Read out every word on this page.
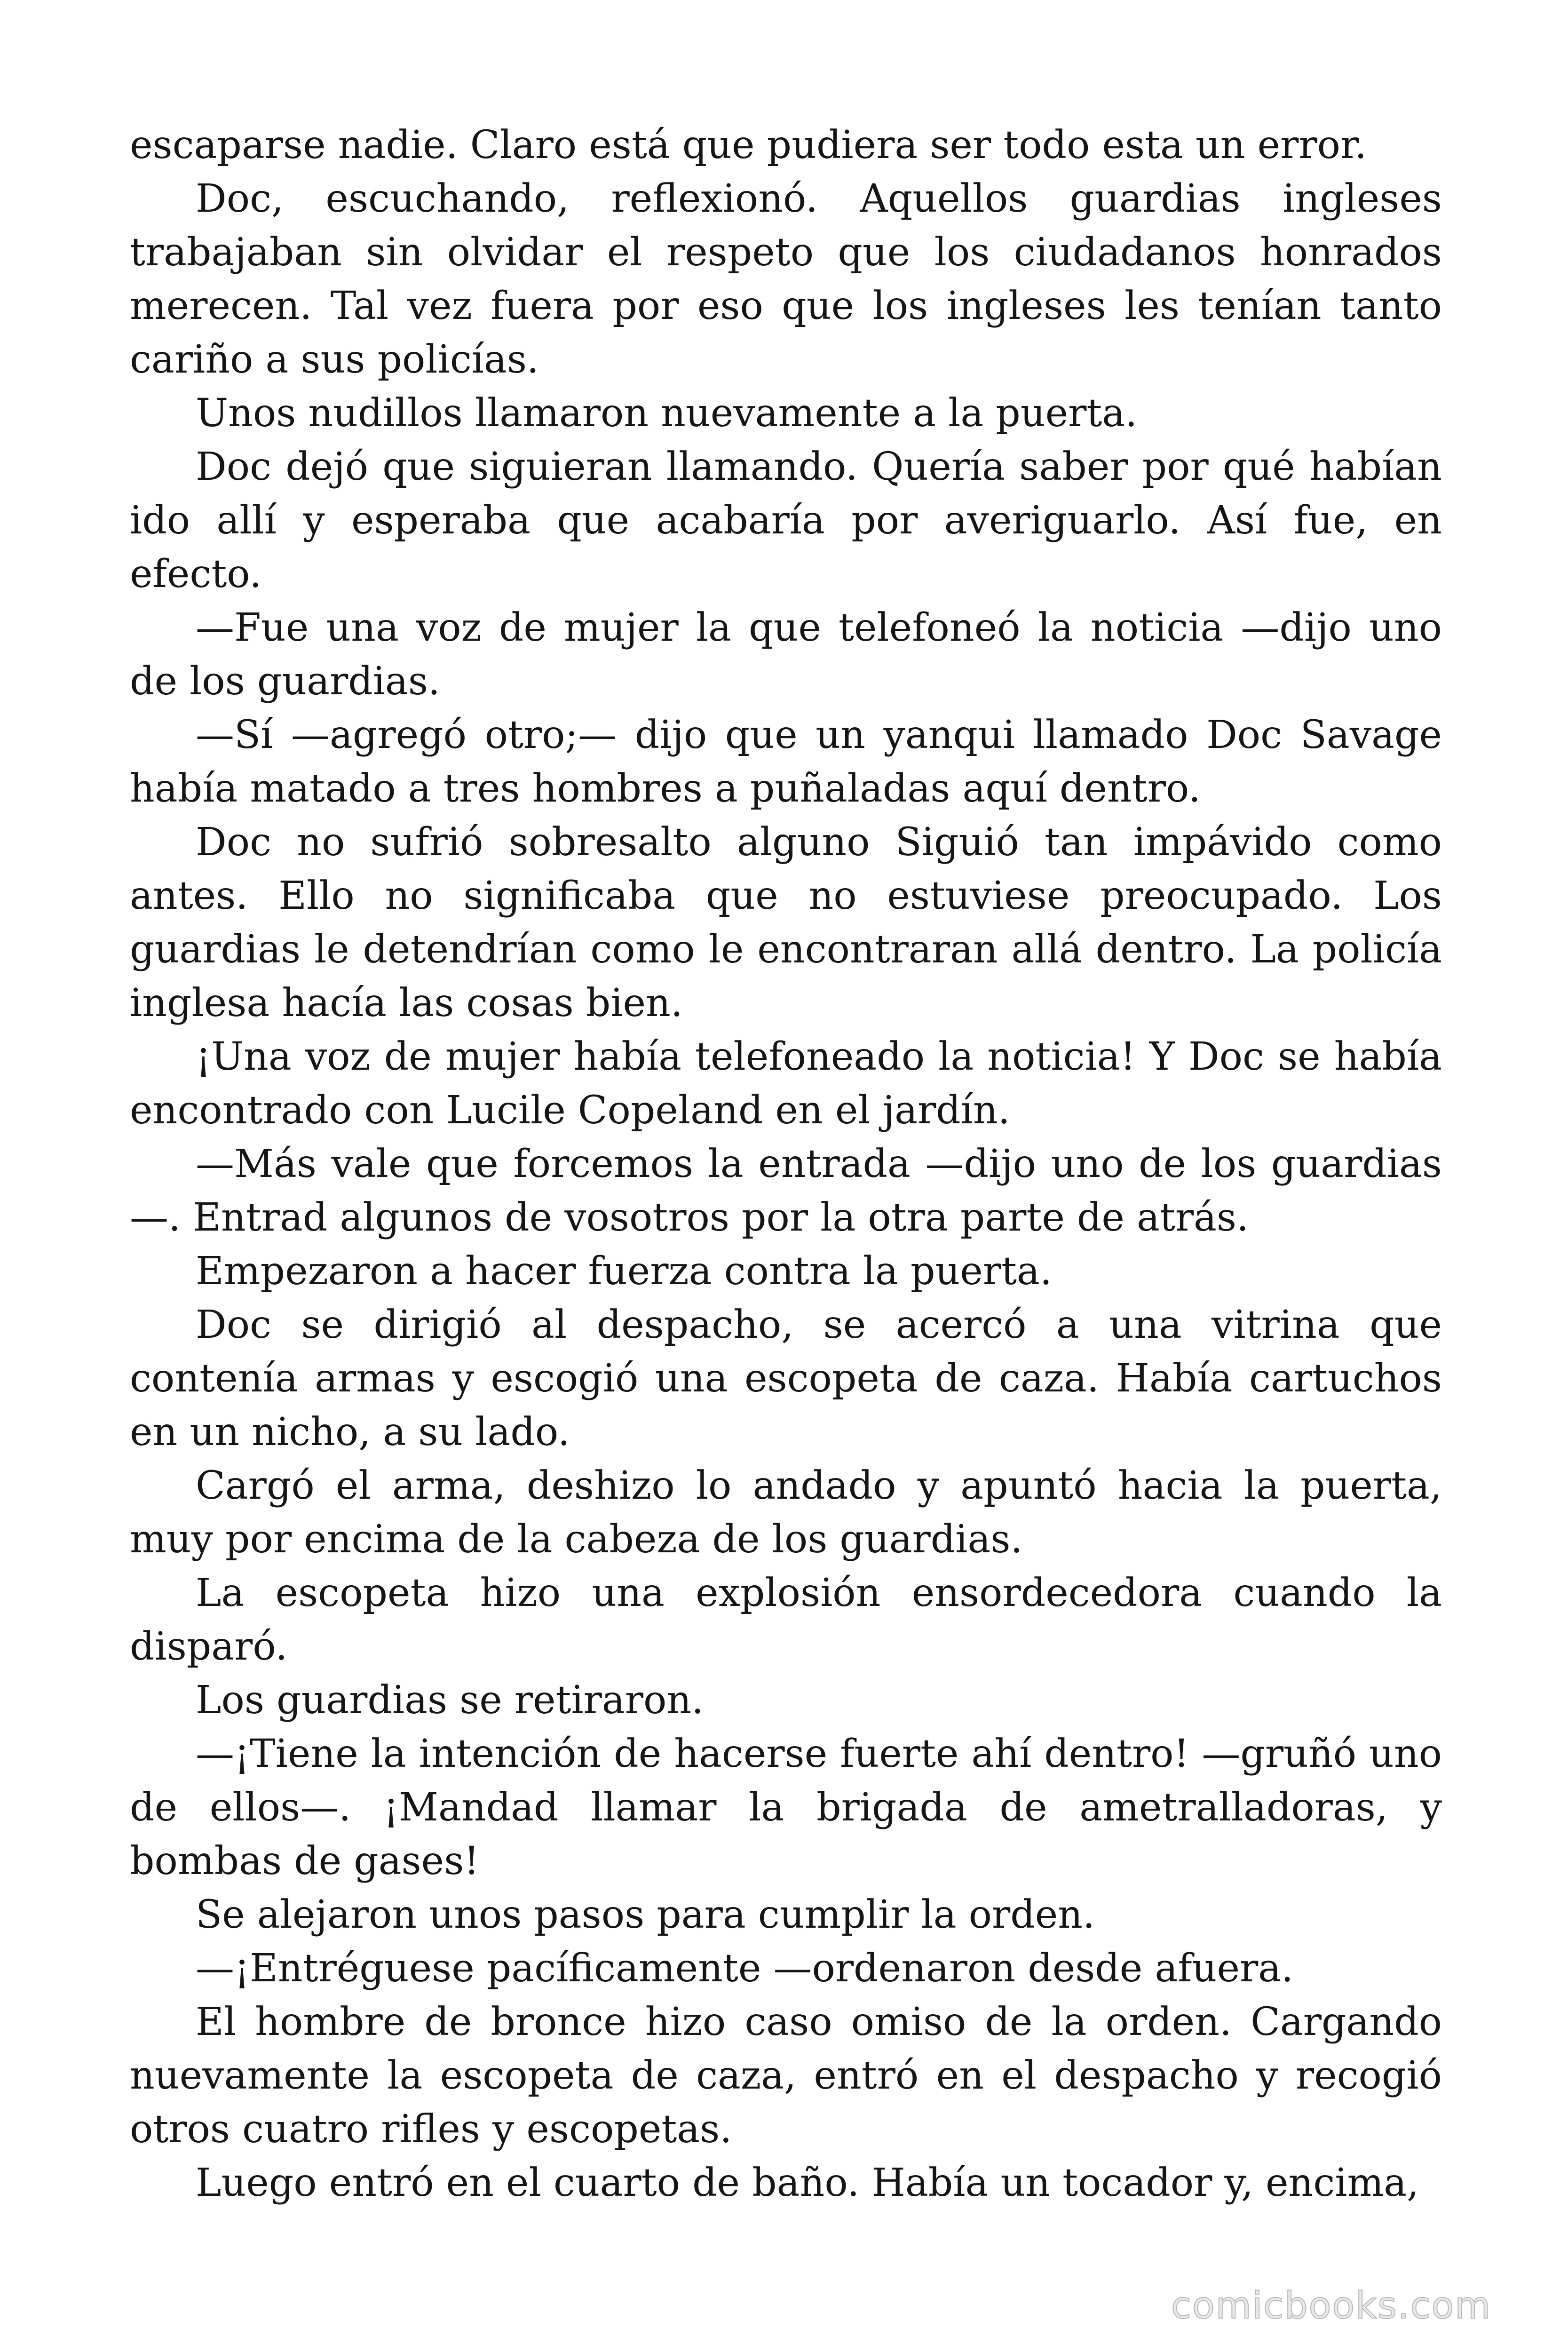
escaparse nadie. Claro está que pudiera ser todo esta un error.

Doc, escuchando, reflexionó. Aquellos guardias ingleses trabajaban sin olvidar el respeto que los ciudadanos honrados merecen. Tal vez fuera por eso que los ingleses les tenían tanto cariño a sus policías.

Unos nudillos llamaron nuevamente a la puerta.

Doc dejó que siguieran llamando. Quería saber por qué habían ido allí y esperaba que acabaría por averiguarlo. Así fue, en efecto.

—Fue una voz de mujer la que telefoneó la noticia —dijo uno de los guardias.

—Sí —agregó otro;— dijo que un yanqui llamado Doc Savage había matado a tres hombres a puñaladas aquí dentro.

Doc no sufrió sobresalto alguno Siguió tan impávido como antes. Ello no significaba que no estuviese preocupado. Los guardias le detendrían como le encontraran allá dentro. La policía inglesa hacía las cosas bien.

¡Una voz de mujer había telefoneado la noticia! Y Doc se había encontrado con Lucile Copeland en el jardín.

—Más vale que forcemos la entrada —dijo uno de los guardias —. Entrad algunos de vosotros por la otra parte de atrás.

Empezaron a hacer fuerza contra la puerta.

Doc se dirigió al despacho, se acercó a una vitrina que contenía armas y escogió una escopeta de caza. Había cartuchos en un nicho, a su lado.

Cargó el arma, deshizo lo andado y apuntó hacia la puerta, muy por encima de la cabeza de los guardias.

La escopeta hizo una explosión ensordecedora cuando la disparó.

Los guardias se retiraron.

—¡Tiene la intención de hacerse fuerte ahí dentro! —gruñó uno de ellos—. ¡Mandad llamar la brigada de ametralladoras, y bombas de gases!

Se alejaron unos pasos para cumplir la orden.

—¡Entréguese pacíficamente —ordenaron desde afuera.

El hombre de bronce hizo caso omiso de la orden. Cargando nuevamente la escopeta de caza, entró en el despacho y recogió otros cuatro rifles y escopetas.

Luego entró en el cuarto de baño. Había un tocador y, encima,

comicbooks.com
